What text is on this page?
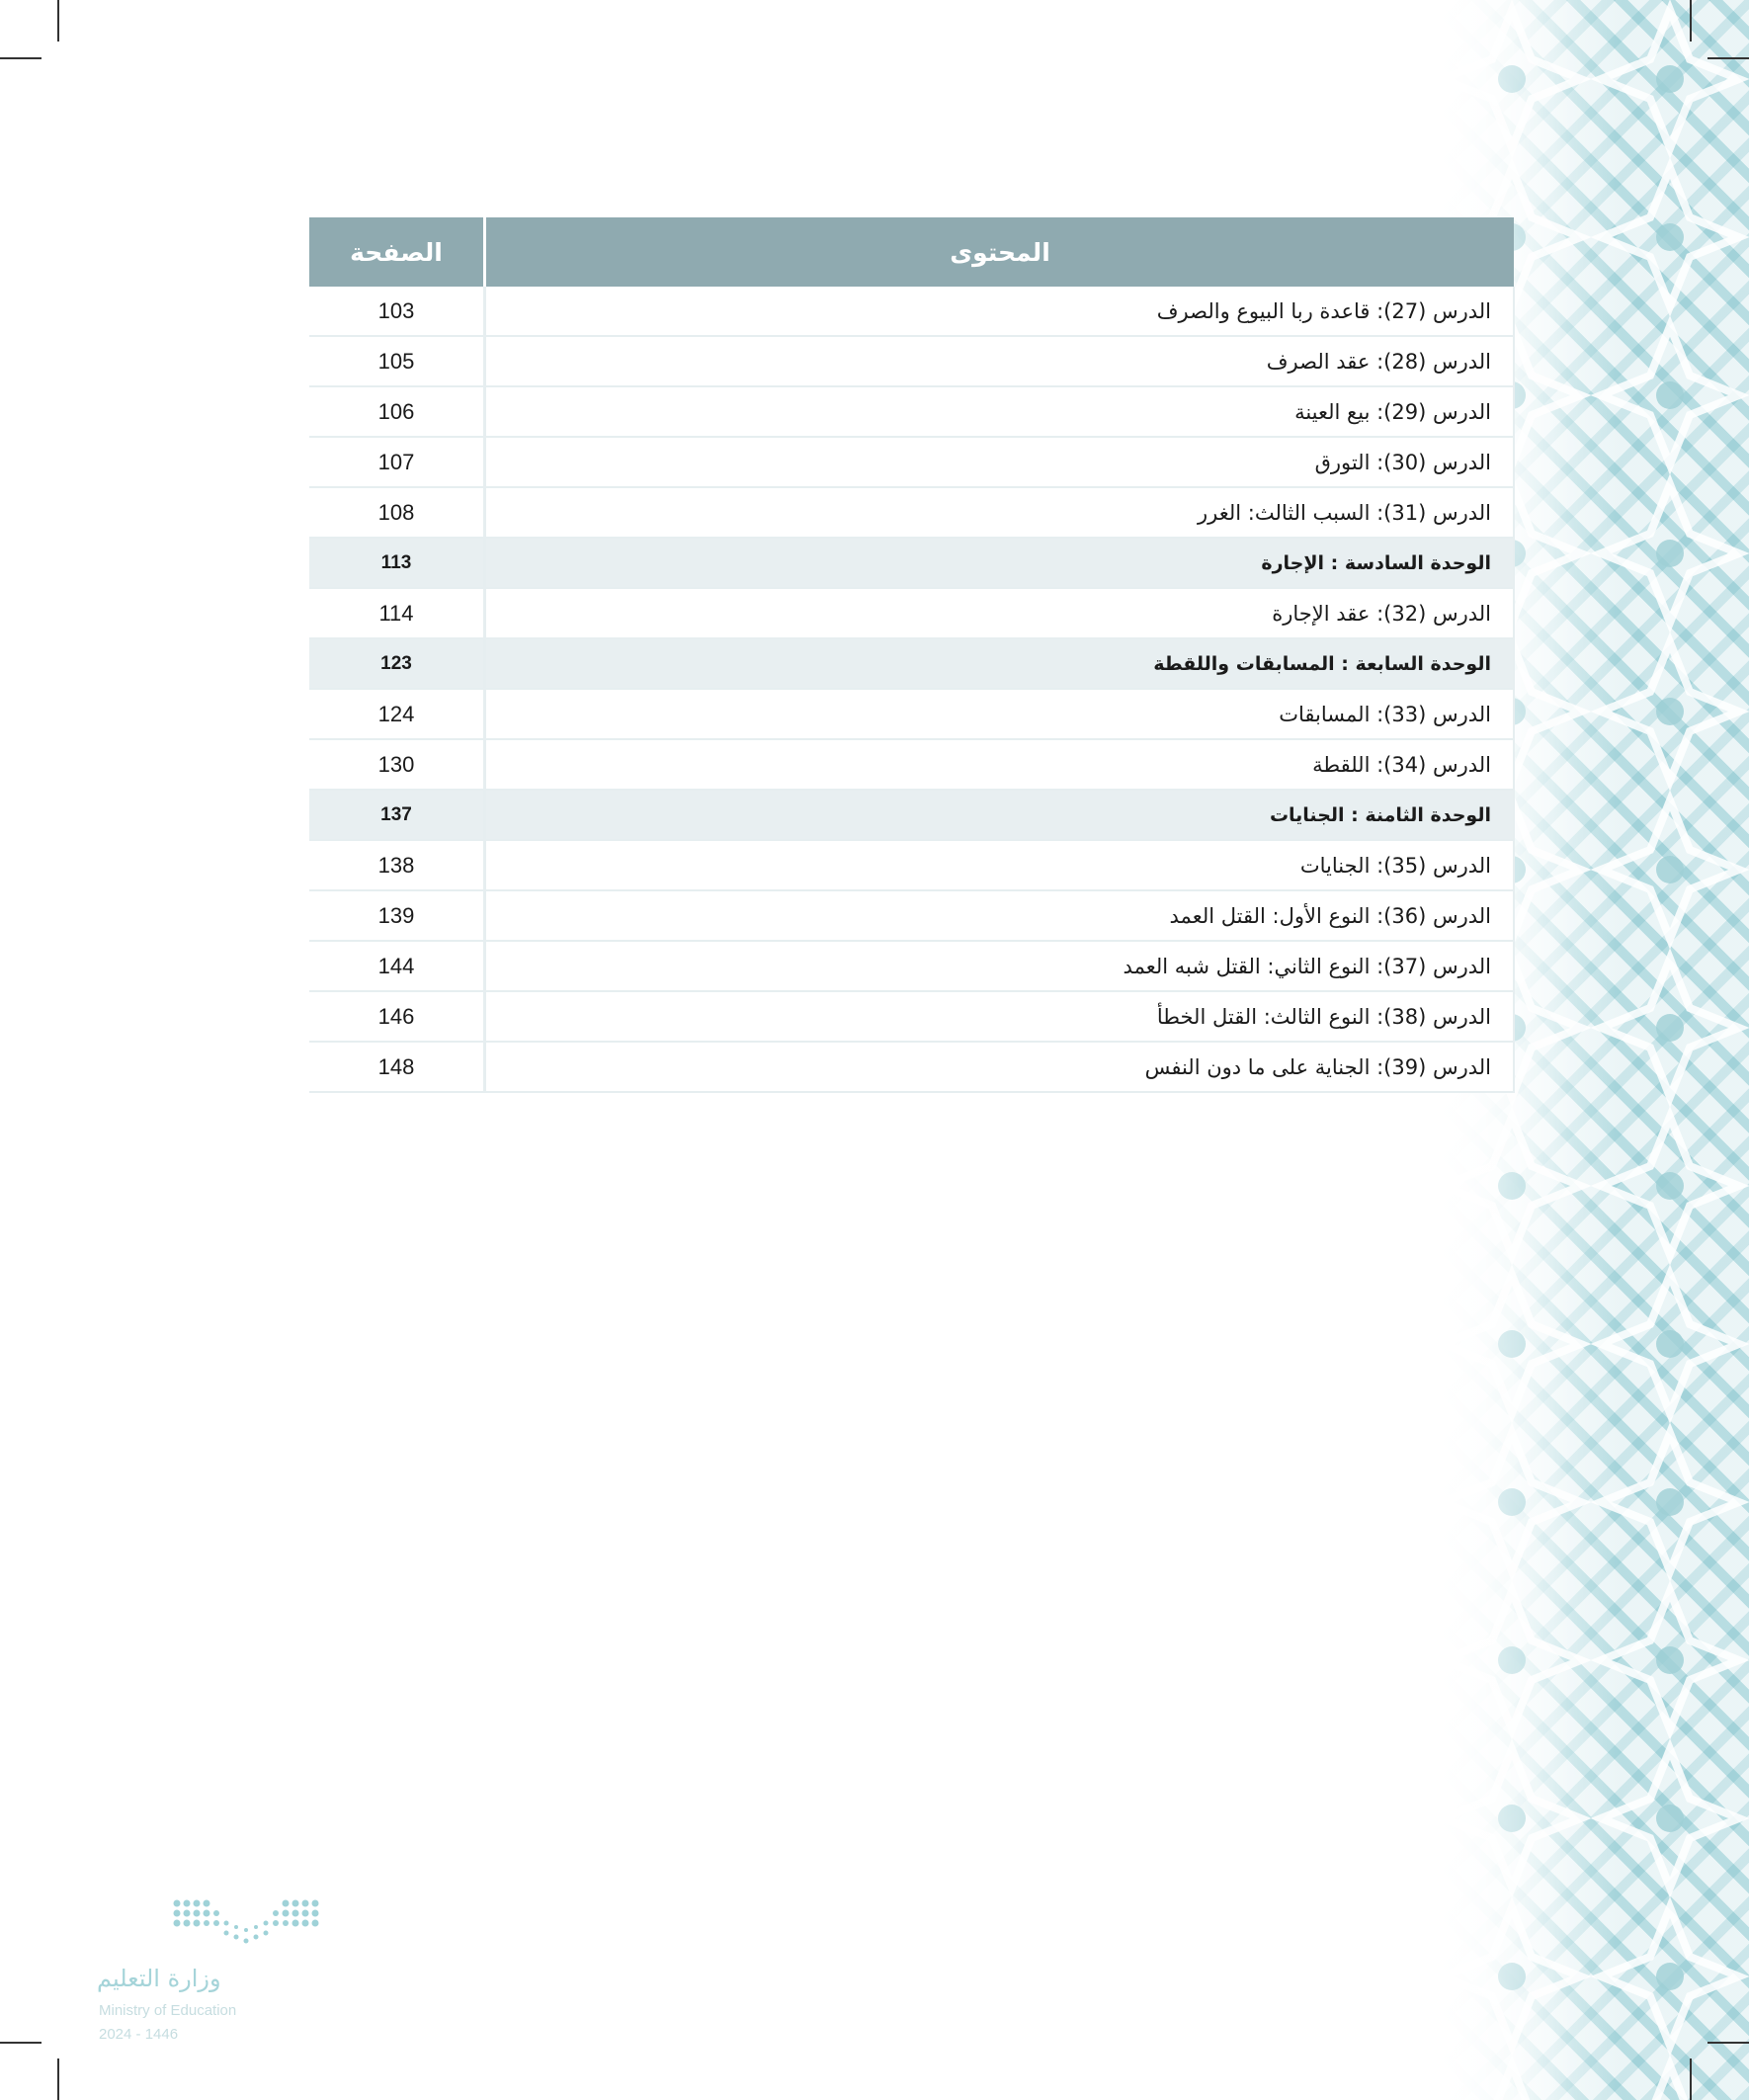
المحتوى	الصفحة
الدرس (27): قاعدة ربا البيوع والصرف	103
الدرس (28): عقد الصرف	105
الدرس (29): بيع العينة	106
الدرس (30): التورق	107
الدرس (31): السبب الثالث: الغرر	108
الوحدة السادسة : الإجارة	113
الدرس (32): عقد الإجارة	114
الوحدة السابعة : المسابقات واللقطة	123
الدرس (33): المسابقات	124
الدرس (34): اللقطة	130
الوحدة الثامنة : الجنايات	137
الدرس (35): الجنايات	138
الدرس (36): النوع الأول: القتل العمد	139
الدرس (37): النوع الثاني: القتل شبه العمد	144
الدرس (38): النوع الثالث: القتل الخطأ	146
الدرس (39): الجناية على ما دون النفس	148
وزارة التعليم
Ministry of Education
2024 - 1446
